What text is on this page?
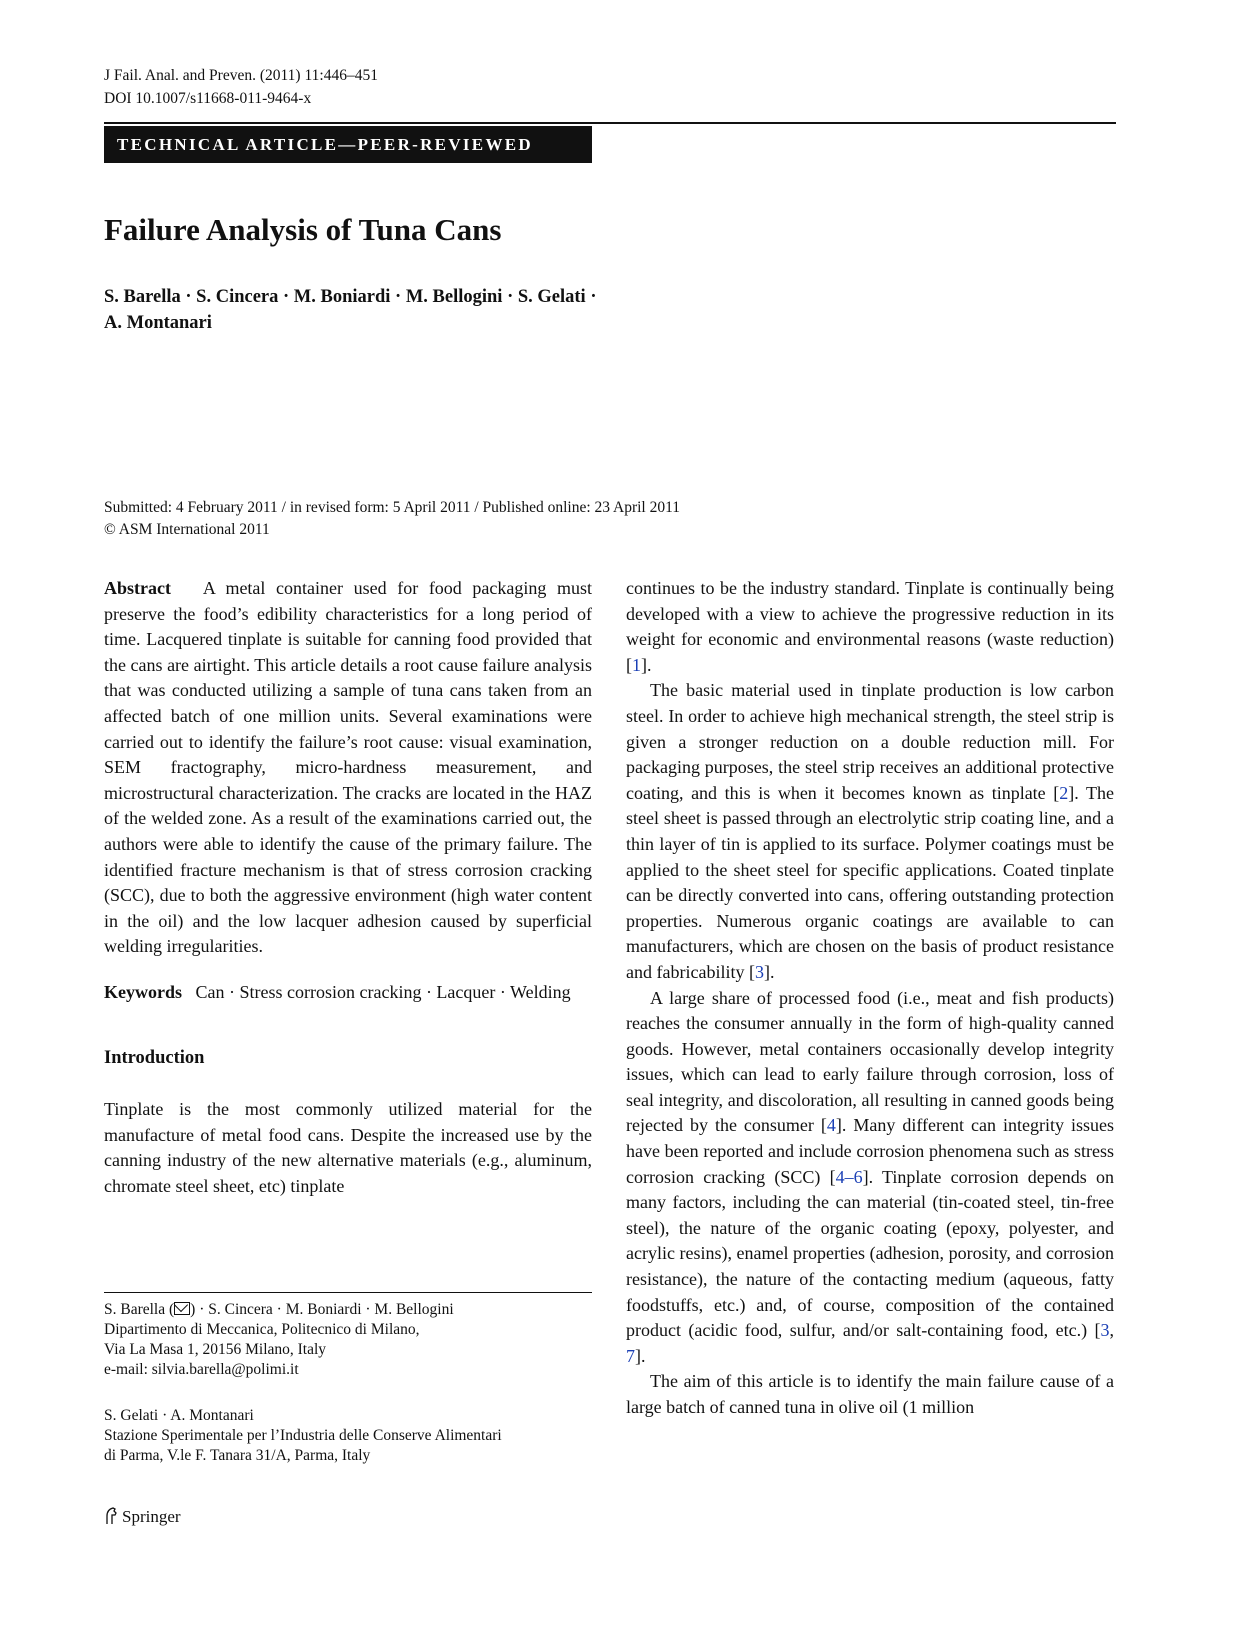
J Fail. Anal. and Preven. (2011) 11:446–451
DOI 10.1007/s11668-011-9464-x
TECHNICAL ARTICLE—PEER-REVIEWED
Failure Analysis of Tuna Cans
S. Barella · S. Cincera · M. Boniardi · M. Bellogini · S. Gelati ·
A. Montanari
Submitted: 4 February 2011 / in revised form: 5 April 2011 / Published online: 23 April 2011
© ASM International 2011

Abstract A metal container used for food packaging must preserve the food’s edibility characteristics for a long period of time. Lacquered tinplate is suitable for canning food provided that the cans are airtight. This article details a root cause failure analysis that was conducted utilizing a sample of tuna cans taken from an affected batch of one million units. Several examinations were carried out to identify the failure’s root cause: visual examination, SEM fractography, micro-hardness measurement, and microstructural characterization. The cracks are located in the HAZ of the welded zone. As a result of the examinations carried out, the authors were able to identify the cause of the primary failure. The identified fracture mechanism is that of stress corrosion cracking (SCC), due to both the aggressive environment (high water content in the oil) and the low lacquer adhesion caused by superficial welding irregularities.

Keywords Can · Stress corrosion cracking · Lacquer · Welding

Introduction

Tinplate is the most commonly utilized material for the manufacture of metal food cans. Despite the increased use by the canning industry of the new alternative materials (e.g., aluminum, chromate steel sheet, etc) tinplate

continues to be the industry standard. Tinplate is continually being developed with a view to achieve the progressive reduction in its weight for economic and environmental reasons (waste reduction) [1].

The basic material used in tinplate production is low carbon steel. In order to achieve high mechanical strength, the steel strip is given a stronger reduction on a double reduction mill. For packaging purposes, the steel strip receives an additional protective coating, and this is when it becomes known as tinplate [2]. The steel sheet is passed through an electrolytic strip coating line, and a thin layer of tin is applied to its surface. Polymer coatings must be applied to the sheet steel for specific applications. Coated tinplate can be directly converted into cans, offering outstanding protection properties. Numerous organic coatings are available to can manufacturers, which are chosen on the basis of product resistance and fabricability [3].

A large share of processed food (i.e., meat and fish products) reaches the consumer annually in the form of high-quality canned goods. However, metal containers occasionally develop integrity issues, which can lead to early failure through corrosion, loss of seal integrity, and discoloration, all resulting in canned goods being rejected by the consumer [4]. Many different can integrity issues have been reported and include corrosion phenomena such as stress corrosion cracking (SCC) [4–6]. Tinplate corrosion depends on many factors, including the can material (tin-coated steel, tin-free steel), the nature of the organic coating (epoxy, polyester, and acrylic resins), enamel properties (adhesion, porosity, and corrosion resistance), the nature of the contacting medium (aqueous, fatty foodstuffs, etc.) and, of course, composition of the contained product (acidic food, sulfur, and/or salt-containing food, etc.) [3, 7].

The aim of this article is to identify the main failure cause of a large batch of canned tuna in olive oil (1 million

S. Barella ( ) · S. Cincera · M. Boniardi · M. Bellogini
Dipartimento di Meccanica, Politecnico di Milano,
Via La Masa 1, 20156 Milano, Italy
e-mail: silvia.barella@polimi.it
S. Gelati · A. Montanari
Stazione Sperimentale per l’Industria delle Conserve Alimentari
di Parma, V.le F. Tanara 31/A, Parma, Italy
Springer
